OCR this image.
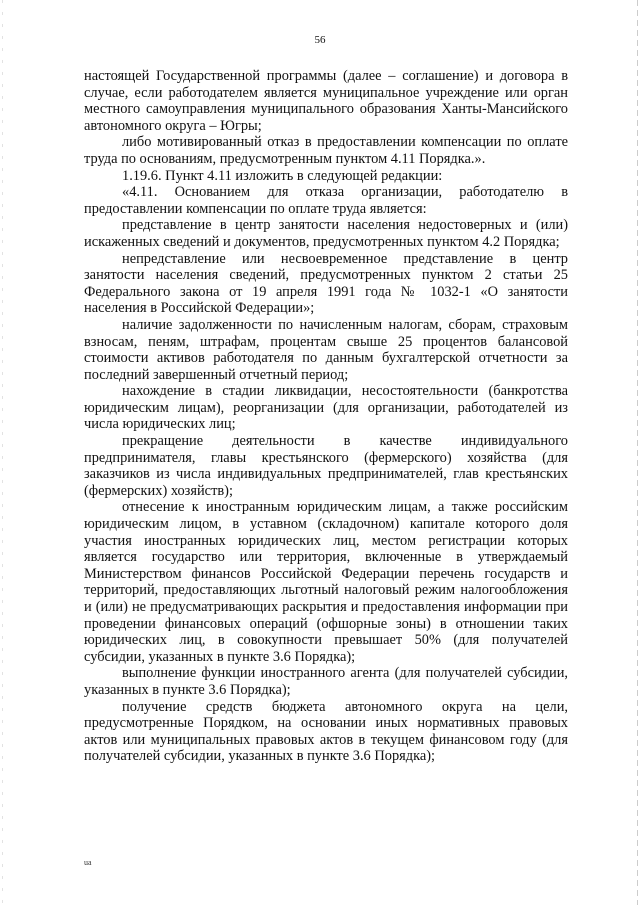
56

настоящей Государственной программы (далее – соглашение) и договора в случае, если работодателем является муниципальное учреждение или орган местного самоуправления муниципального образования Ханты-Мансийского автономного округа – Югры;

либо мотивированный отказ в предоставлении компенсации по оплате труда по основаниям, предусмотренным пунктом 4.11 Порядка.».

1.19.6. Пункт 4.11 изложить в следующей редакции:

«4.11. Основанием для отказа организации, работодателю в предоставлении компенсации по оплате труда является:

представление в центр занятости населения недостоверных и (или) искаженных сведений и документов, предусмотренных пунктом 4.2 Порядка;

непредставление или несвоевременное представление в центр занятости населения сведений, предусмотренных пунктом 2 статьи 25 Федерального закона от 19 апреля 1991 года № 1032-1 «О занятости населения в Российской Федерации»;

наличие задолженности по начисленным налогам, сборам, страховым взносам, пеням, штрафам, процентам свыше 25 процентов балансовой стоимости активов работодателя по данным бухгалтерской отчетности за последний завершенный отчетный период;

нахождение в стадии ликвидации, несостоятельности (банкротства юридическим лицам), реорганизации (для организации, работодателей из числа юридических лиц;

прекращение деятельности в качестве индивидуального предпринимателя, главы крестьянского (фермерского) хозяйства (для заказчиков из числа индивидуальных предпринимателей, глав крестьянских (фермерских) хозяйств);

отнесение к иностранным юридическим лицам, а также российским юридическим лицом, в уставном (складочном) капитале которого доля участия иностранных юридических лиц, местом регистрации которых является государство или территория, включенные в утверждаемый Министерством финансов Российской Федерации перечень государств и территорий, предоставляющих льготный налоговый режим налогообложения и (или) не предусматривающих раскрытия и предоставления информации при проведении финансовых операций (офшорные зоны) в отношении таких юридических лиц, в совокупности превышает 50% (для получателей субсидии, указанных в пункте 3.6 Порядка);

выполнение функции иностранного агента (для получателей субсидии, указанных в пункте 3.6 Порядка);

получение средств бюджета автономного округа на цели, предусмотренные Порядком, на основании иных нормативных правовых актов или муниципальных правовых актов в текущем финансовом году (для получателей субсидии, указанных в пункте 3.6 Порядка);

ua
